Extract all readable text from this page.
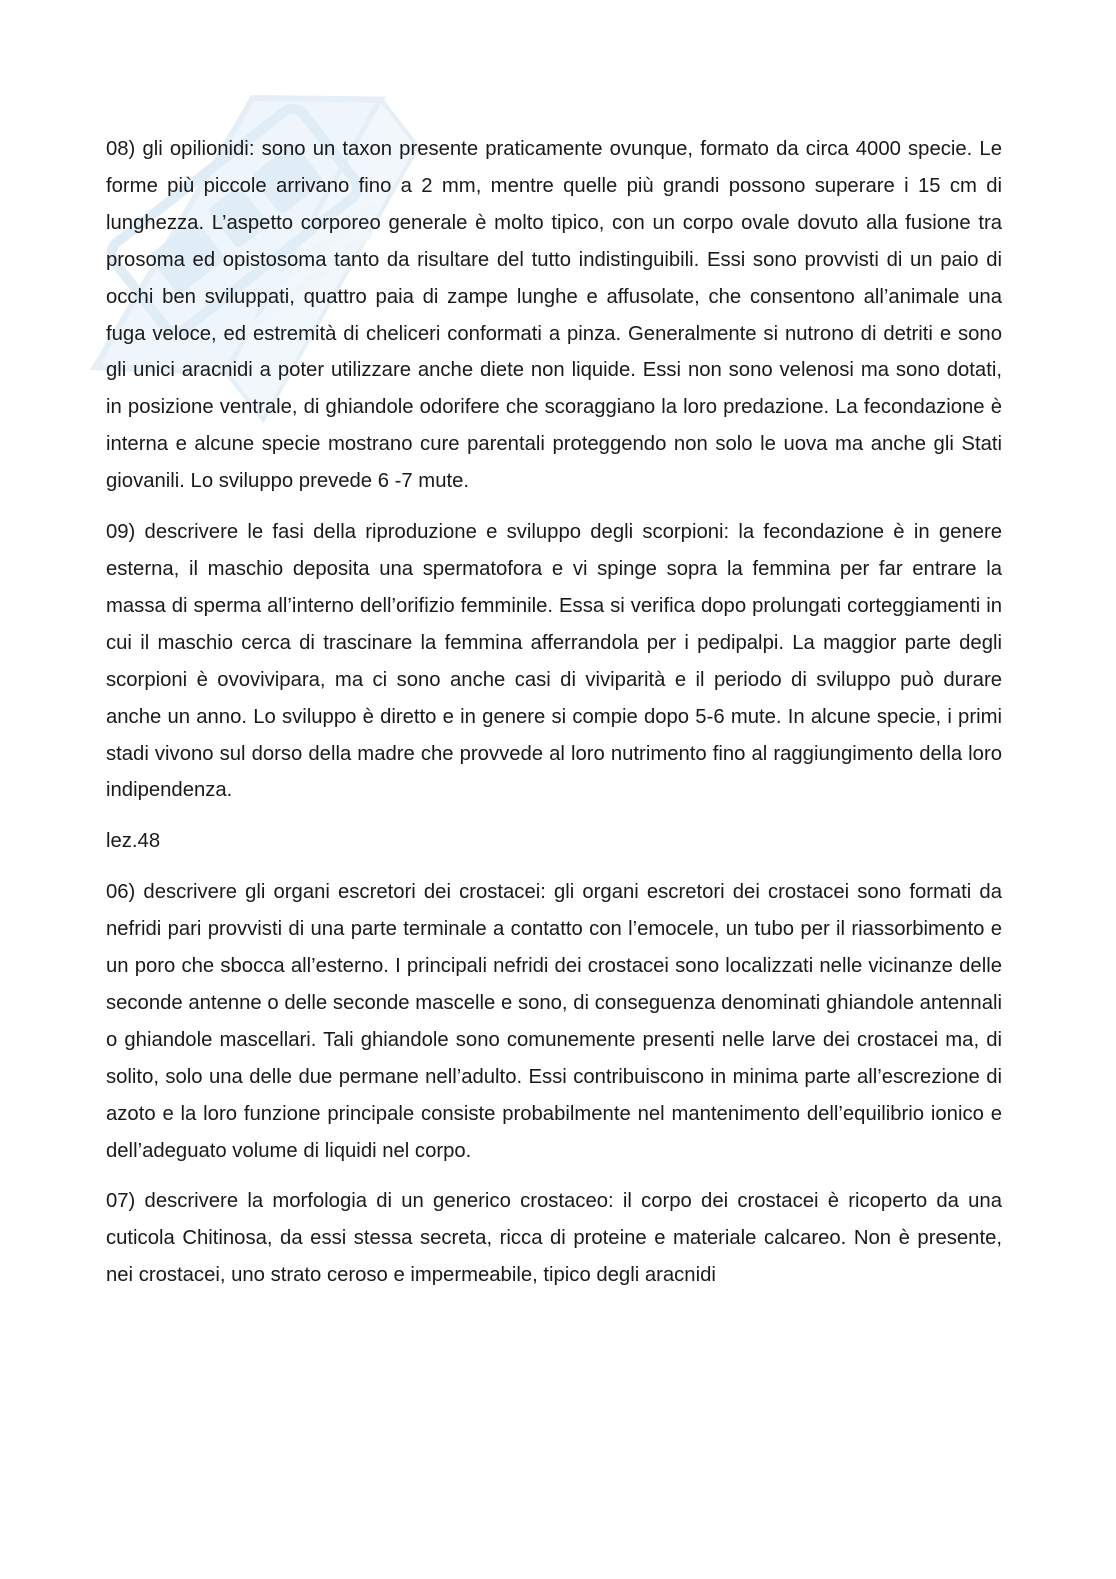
08) gli opilionidi: sono un taxon presente praticamente ovunque, formato da circa 4000 specie. Le forme più piccole arrivano fino a 2 mm, mentre quelle più grandi possono superare i 15 cm di lunghezza. L’aspetto corporeo generale è molto tipico, con un corpo ovale dovuto alla fusione tra prosoma ed opistosoma tanto da risultare del tutto indistinguibili. Essi sono provvisti di un paio di occhi ben sviluppati, quattro paia di zampe lunghe e affusolate, che consentono all’animale una fuga veloce, ed estremità di cheliceri conformati a pinza. Generalmente si nutrono di detriti e sono gli unici aracnidi a poter utilizzare anche diete non liquide. Essi non sono velenosi ma sono dotati, in posizione ventrale, di ghiandole odorifere che scoraggiano la loro predazione. La fecondazione è interna e alcune specie mostrano cure parentali proteggendo non solo le uova ma anche gli Stati giovanili. Lo sviluppo prevede 6 -7 mute.

09) descrivere le fasi della riproduzione e sviluppo degli scorpioni: la fecondazione è in genere esterna, il maschio deposita una spermatofora e vi spinge sopra la femmina per far entrare la massa di sperma all’interno dell’orifizio femminile. Essa si verifica dopo prolungati corteggiamenti in cui il maschio cerca di trascinare la femmina afferrandola per i pedipalpi. La maggior parte degli scorpioni è ovovivipara, ma ci sono anche casi di viviparità e il periodo di sviluppo può durare anche un anno. Lo sviluppo è diretto e in genere si compie dopo 5-6 mute. In alcune specie, i primi stadi vivono sul dorso della madre che provvede al loro nutrimento fino al raggiungimento della loro indipendenza.

lez.48

06) descrivere gli organi escretori dei crostacei: gli organi escretori dei crostacei sono formati da nefridi pari provvisti di una parte terminale a contatto con l’emocele, un tubo per il riassorbimento e un poro che sbocca all’esterno. I principali nefridi dei crostacei sono localizzati nelle vicinanze delle seconde antenne o delle seconde mascelle e sono, di conseguenza denominati ghiandole antennali o ghiandole mascellari. Tali ghiandole sono comunemente presenti nelle larve dei crostacei ma, di solito, solo una delle due permane nell’adulto. Essi contribuiscono in minima parte all’escrezione di azoto e la loro funzione principale consiste probabilmente nel mantenimento dell’equilibrio ionico e dell’adeguato volume di liquidi nel corpo.

07) descrivere la morfologia di un generico crostaceo: il corpo dei crostacei è ricoperto da una cuticola Chitinosa, da essi stessa secreta, ricca di proteine e materiale calcareo. Non è presente, nei crostacei, uno strato ceroso e impermeabile, tipico degli aracnidi
